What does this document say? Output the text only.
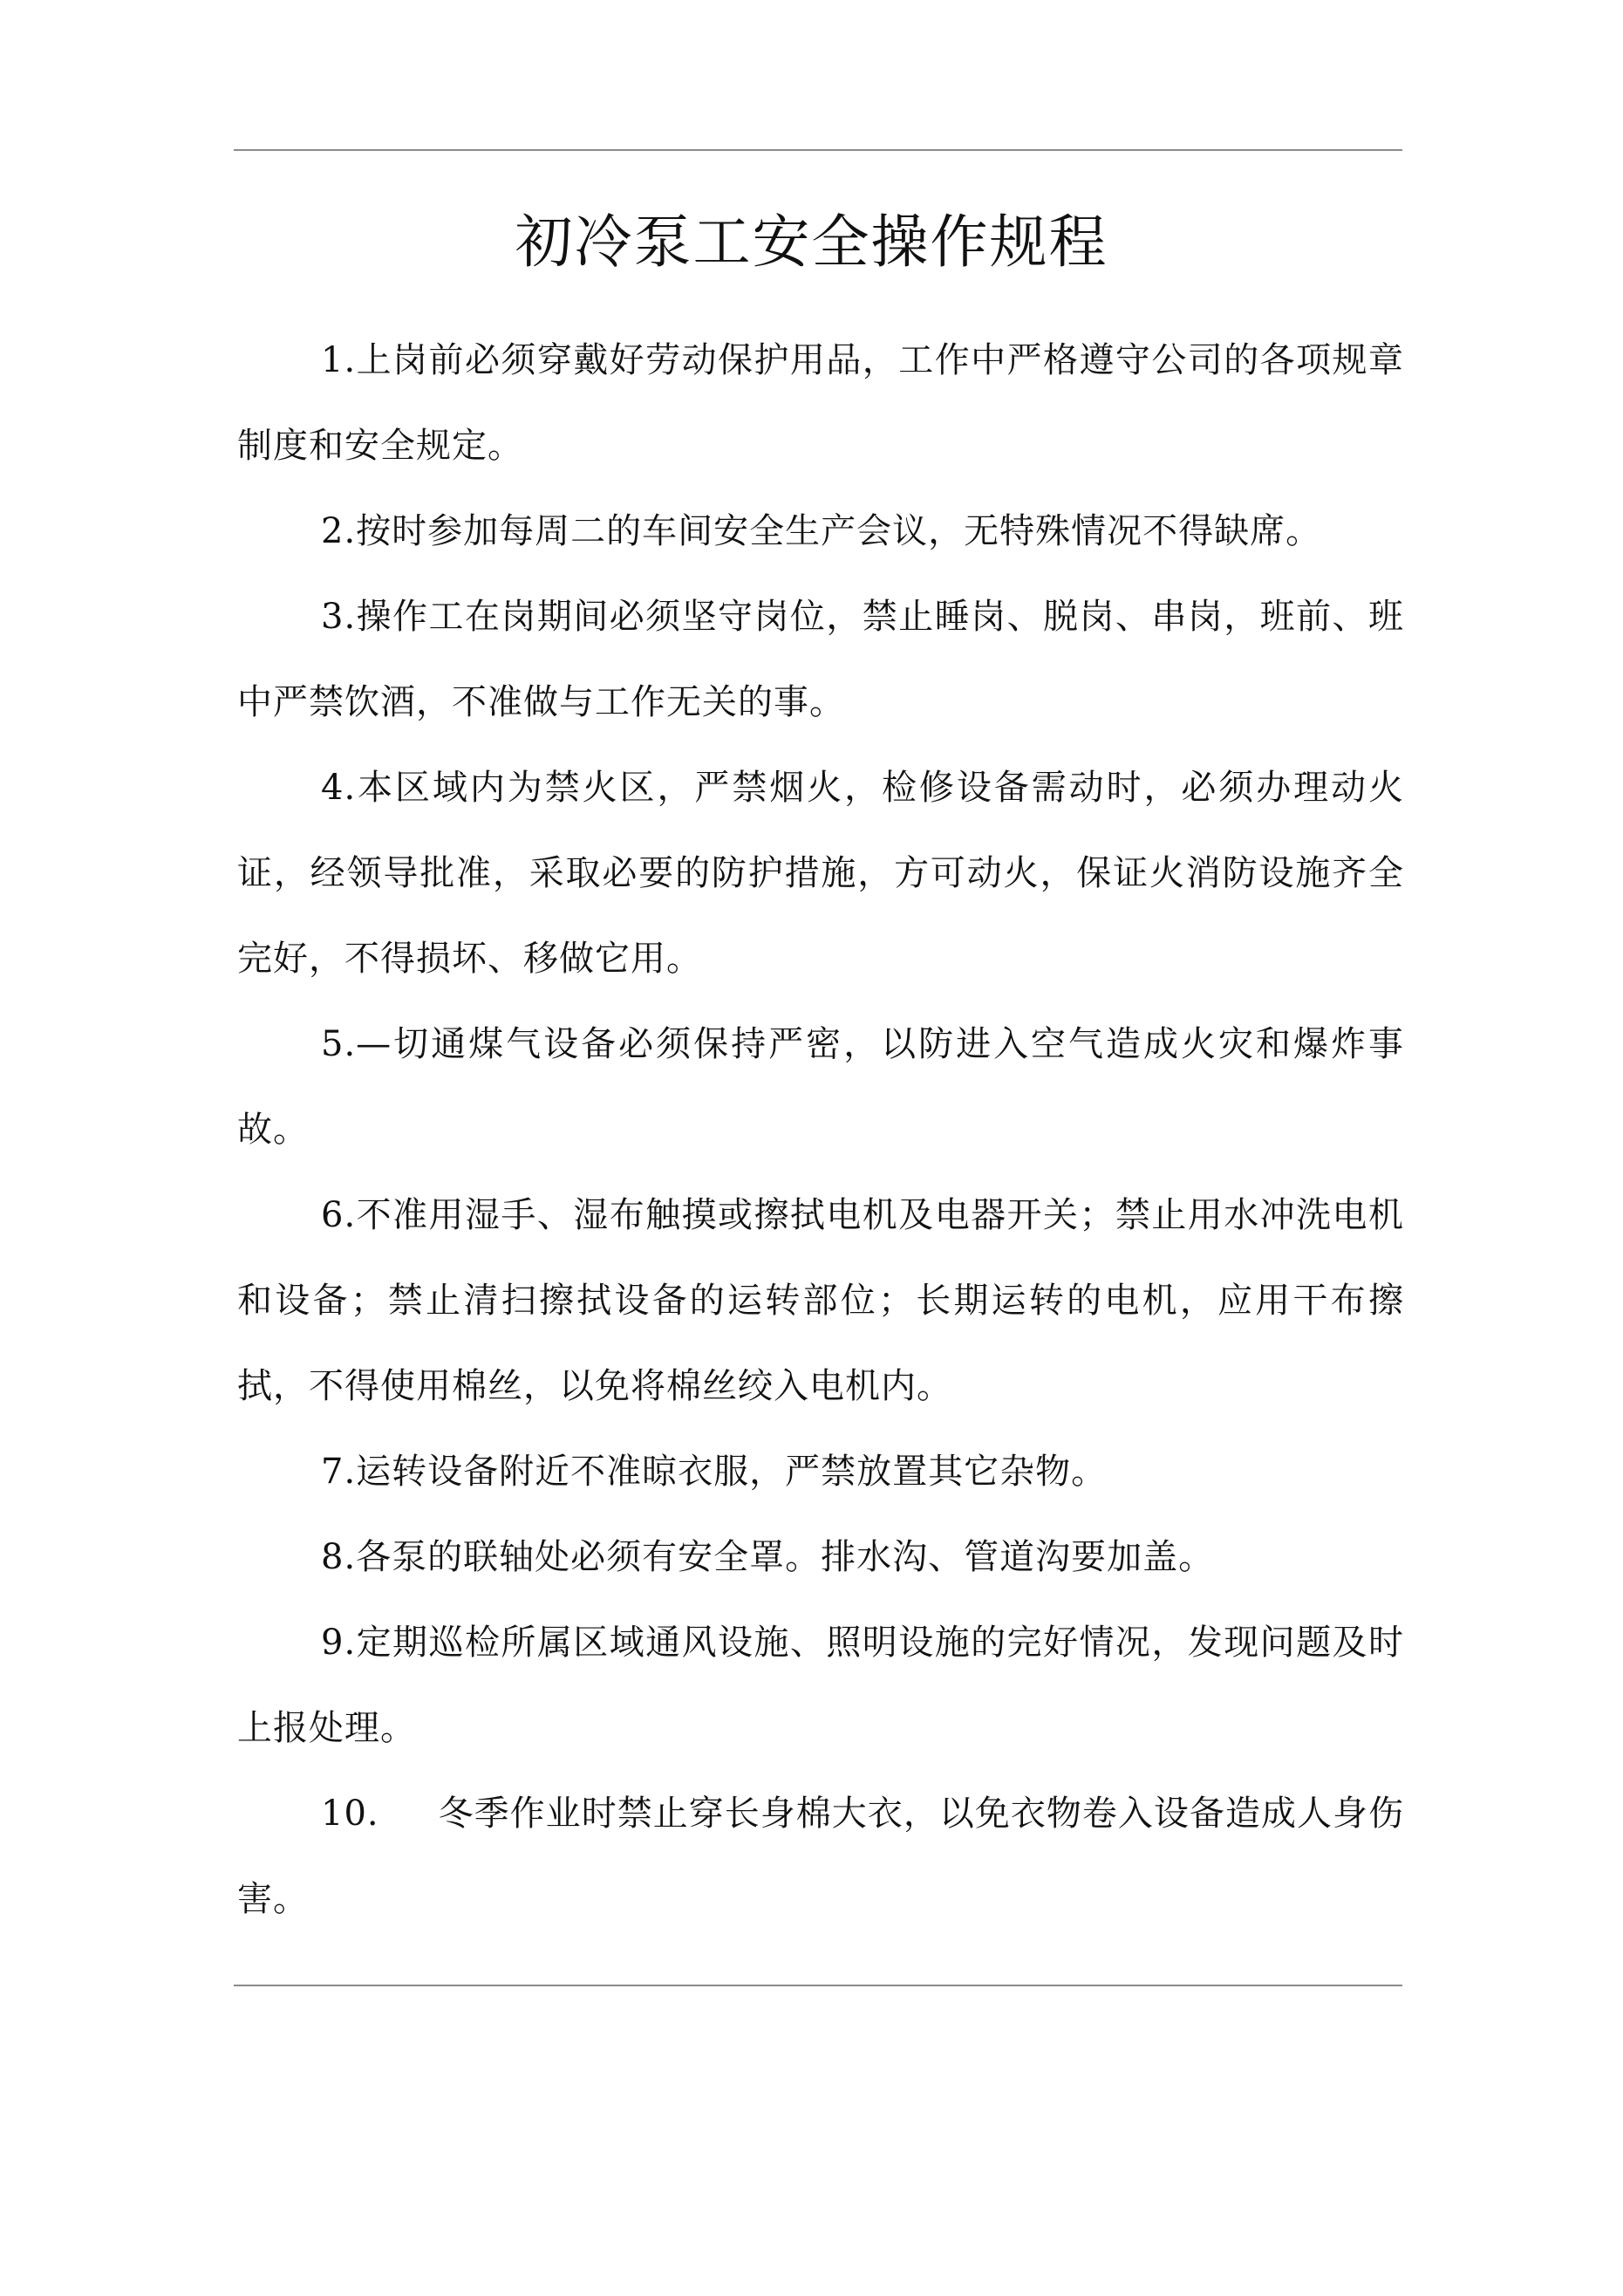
初冷泵工安全操作规程

1.上岗前必须穿戴好劳动保护用品，工作中严格遵守公司的各项规章制度和安全规定。

2.按时参加每周二的车间安全生产会议，无特殊情况不得缺席。

3.操作工在岗期间必须坚守岗位，禁止睡岗、脱岗、串岗，班前、班中严禁饮酒，不准做与工作无关的事。

4.本区域内为禁火区，严禁烟火，检修设备需动时，必须办理动火证，经领导批准，采取必要的防护措施，方可动火，保证火消防设施齐全完好，不得损坏、移做它用。

5.—切通煤气设备必须保持严密，以防进入空气造成火灾和爆炸事故。

6.不准用湿手、湿布触摸或擦拭电机及电器开关；禁止用水冲洗电机和设备；禁止清扫擦拭设备的运转部位；长期运转的电机，应用干布擦拭，不得使用棉丝，以免将棉丝绞入电机内。

7.运转设备附近不准晾衣服，严禁放置其它杂物。

8.各泵的联轴处必须有安全罩。排水沟、管道沟要加盖。

9.定期巡检所属区域通风设施、照明设施的完好情况，发现问题及时上报处理。

10. 冬季作业时禁止穿长身棉大衣，以免衣物卷入设备造成人身伤害。
